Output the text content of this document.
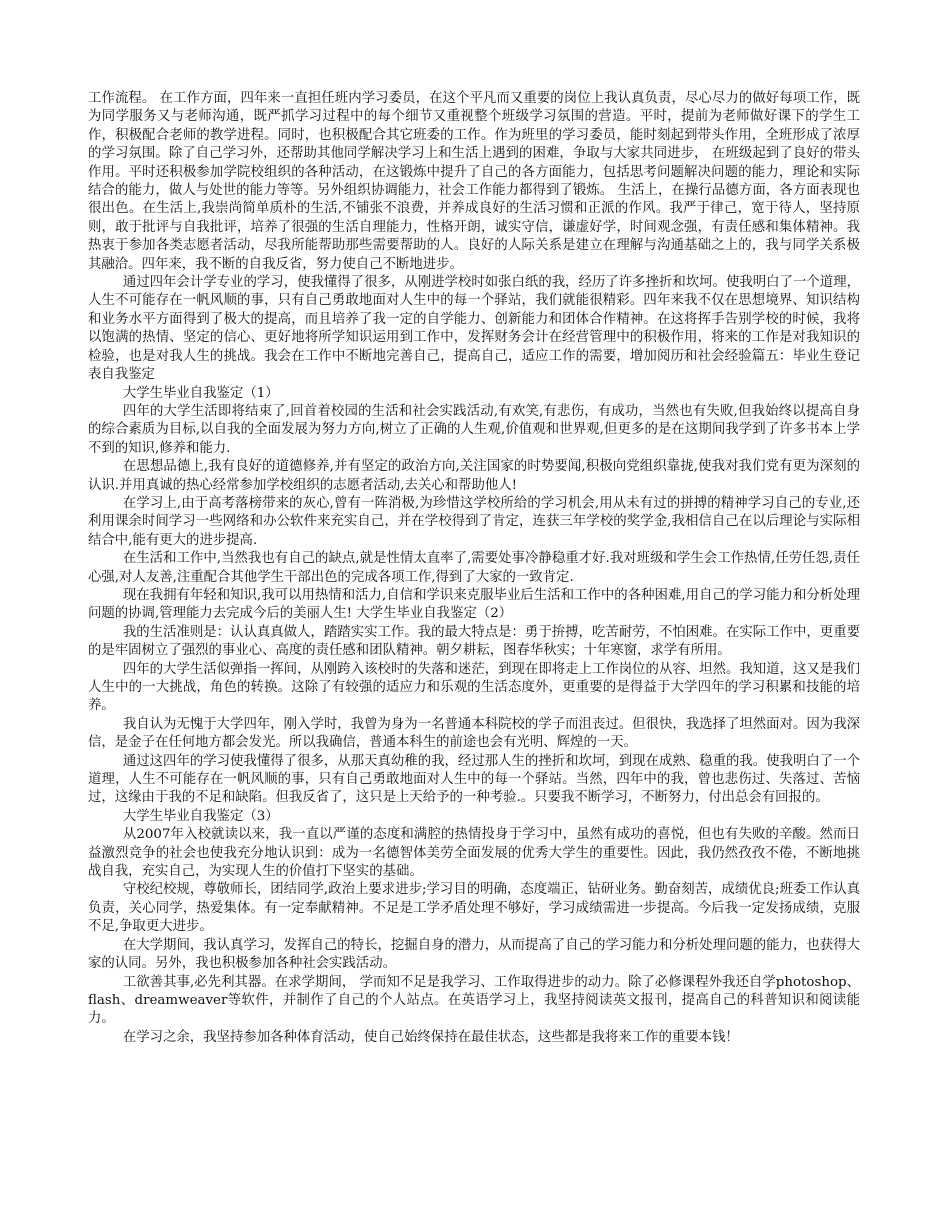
工作流程。 在工作方面，四年来一直担任班内学习委员，在这个平凡而又重要的岗位上我认真负责，尽心尽力的做好每项工作，既为同学服务又与老师沟通，既严抓学习过程中的每个细节又重视整个班级学习氛围的营造。平时，提前为老师做好课下的学生工作，积极配合老师的教学进程。同时，也积极配合其它班委的工作。作为班里的学习委员，能时刻起到带头作用，全班形成了浓厚的学习氛围。除了自己学习外，还帮助其他同学解决学习上和生活上遇到的困难，争取与大家共同进步， 在班级起到了良好的带头作用。平时还积极参加学院校组织的各种活动，在这锻炼中提升了自己的各方面能力，包括思考问题解决问题的能力，理论和实际结合的能力，做人与处世的能力等等。另外组织协调能力，社会工作能力都得到了锻炼。 生活上，在操行品德方面，各方面表现也很出色。在生活上,我崇尚简单质朴的生活,不铺张不浪费，并养成良好的生活习惯和正派的作风。我严于律己，宽于待人，坚持原则，敢于批评与自我批评，培养了很强的生活自理能力，性格开朗，诚实守信，谦虚好学，时间观念强，有责任感和集体精神。我热衷于参加各类志愿者活动，尽我所能帮助那些需要帮助的人。良好的人际关系是建立在理解与沟通基础之上的，我与同学关系极其融洽。四年来，我不断的自我反省，努力使自己不断地进步。

通过四年会计学专业的学习，使我懂得了很多，从刚进学校时如张白纸的我，经历了许多挫折和坎坷。使我明白了一个道理，人生不可能存在一帆风顺的事，只有自己勇敢地面对人生中的每一个驿站，我们就能很精彩。四年来我不仅在思想境界、知识结构和业务水平方面得到了极大的提高，而且培养了我一定的自学能力、创新能力和团体合作精神。在这将挥手告别学校的时候，我将以饱满的热情、坚定的信心、更好地将所学知识运用到工作中，发挥财务会计在经营管理中的积极作用，将来的工作是对我知识的检验，也是对我人生的挑战。我会在工作中不断地完善自己，提高自己，适应工作的需要，增加阅历和社会经验篇五：毕业生登记表自我鉴定

大学生毕业自我鉴定（1）

四年的大学生活即将结束了,回首着校园的生活和社会实践活动,有欢笑,有悲伤，有成功，当然也有失败,但我始终以提高自身的综合素质为目标,以自我的全面发展为努力方向,树立了正确的人生观,价值观和世界观,但更多的是在这期间我学到了许多书本上学不到的知识,修养和能力.

在思想品德上,我有良好的道德修养,并有坚定的政治方向,关注国家的时势要闻,积极向党组织靠拢,使我对我们党有更为深刻的认识.并用真诚的热心经常参加学校组织的志愿者活动,去关心和帮助他人!

在学习上,由于高考落榜带来的灰心,曾有一阵消极,为珍惜这学校所给的学习机会,用从未有过的拼搏的精神学习自己的专业,还利用课余时间学习一些网络和办公软件来充实自己，并在学校得到了肯定，连获三年学校的奖学金,我相信自己在以后理论与实际相结合中,能有更大的进步提高.

在生活和工作中,当然我也有自己的缺点,就是性情太直率了,需要处事冷静稳重才好.我对班级和学生会工作热情,任劳任怨,责任心强,对人友善,注重配合其他学生干部出色的完成各项工作,得到了大家的一致肯定.

现在我拥有年轻和知识,我可以用热情和活力,自信和学识来克服毕业后生活和工作中的各种困难,用自己的学习能力和分析处理问题的协调,管理能力去完成今后的美丽人生! 大学生毕业自我鉴定（2）

我的生活准则是：认认真真做人，踏踏实实工作。我的最大特点是：勇于拚搏，吃苦耐劳，不怕困难。在实际工作中，更重要的是牢固树立了强烈的事业心、高度的责任感和团队精神。朝夕耕耘，图春华秋实；十年寒窗，求学有所用。

四年的大学生活似弹指一挥间，从刚跨入该校时的失落和迷茫，到现在即将走上工作岗位的从容、坦然。我知道，这又是我们人生中的一大挑战，角色的转换。这除了有较强的适应力和乐观的生活态度外，更重要的是得益于大学四年的学习积累和技能的培养。

我自认为无愧于大学四年，刚入学时，我曾为身为一名普通本科院校的学子而沮丧过。但很快，我选择了坦然面对。因为我深信，是金子在任何地方都会发光。所以我确信，普通本科生的前途也会有光明、辉煌的一天。

通过这四年的学习使我懂得了很多，从那天真幼稚的我，经过那人生的挫折和坎坷，到现在成熟、稳重的我。使我明白了一个道理，人生不可能存在一帆风顺的事，只有自己勇敢地面对人生中的每一个驿站。当然，四年中的我，曾也悲伤过、失落过、苦恼过，这缘由于我的不足和缺陷。但我反省了，这只是上天给予的一种考验.。只要我不断学习，不断努力，付出总会有回报的。

大学生毕业自我鉴定（3）

从2007年入校就读以来，我一直以严谨的态度和满腔的热情投身于学习中，虽然有成功的喜悦，但也有失败的辛酸。然而日益激烈竞争的社会也使我充分地认识到：成为一名德智体美劳全面发展的优秀大学生的重要性。因此，我仍然孜孜不倦，不断地挑战自我，充实自己，为实现人生的价值打下坚实的基础。

守校纪校规，尊敬师长，团结同学,政治上要求进步;学习目的明确，态度端正，钻研业务。勤奋刻苦，成绩优良;班委工作认真负责，关心同学，热爱集体。有一定奉献精神。不足是工学矛盾处理不够好，学习成绩需进一步提高。今后我一定发扬成绩，克服不足,争取更大进步。

在大学期间，我认真学习，发挥自己的特长，挖掘自身的潜力，从而提高了自己的学习能力和分析处理问题的能力，也获得大家的认同。另外，我也积极参加各种社会实践活动。

工欲善其事,必先利其器。在求学期间， 学而知不足是我学习、工作取得进步的动力。除了必修课程外我还自学photoshop、flash、dreamweaver等软件，并制作了自己的个人站点。在英语学习上，我坚持阅读英文报刊，提高自己的科普知识和阅读能力。

在学习之余，我坚持参加各种体育活动，使自己始终保持在最佳状态，这些都是我将来工作的重要本钱！
